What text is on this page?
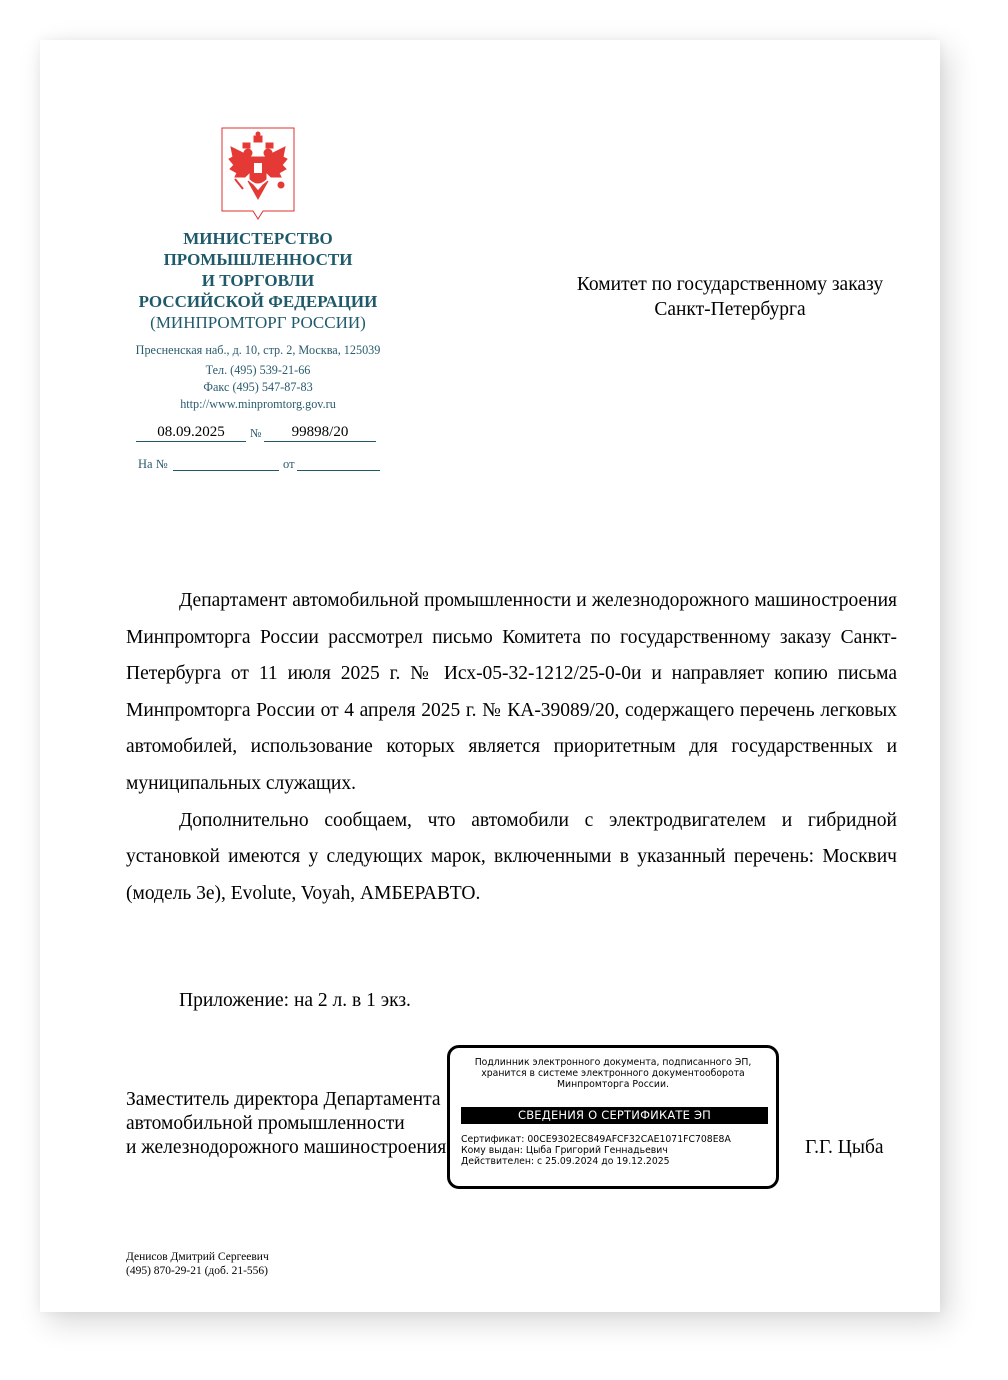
МИНИСТЕРСТВО
ПРОМЫШЛЕННОСТИ
И ТОРГОВЛИ
РОССИЙСКОЙ ФЕДЕРАЦИИ
(МИНПРОМТОРГ РОССИИ)
Пресненская наб., д. 10, стр. 2, Москва, 125039
Тел. (495) 539-21-66
Факс (495) 547-87-83
http://www.minpromtorg.gov.ru
08.09.2025	№	99898/20
На №	от
Комитет по государственному заказу
Санкт-Петербурга

Департамент автомобильной промышленности и железнодорожного машиностроения Минпромторга России рассмотрел письмо Комитета по государственному заказу Санкт-Петербурга от 11 июля 2025 г. № Исх-05-32-1212/25-0-0и и направляет копию письма Минпромторга России от 4 апреля 2025 г. № КА-39089/20, содержащего перечень легковых автомобилей, использование которых является приоритетным для государственных и муниципальных служащих.

Дополнительно сообщаем, что автомобили с электродвигателем и гибридной установкой имеются у следующих марок, включенными в указанный перечень: Москвич (модель 3е), Evolute, Voyah, АМБЕРАВТО.

Приложение: на 2 л. в 1 экз.
Заместитель директора Департамента
автомобильной промышленности
и железнодорожного машиностроения
Подлинник электронного документа, подписанного ЭП,
хранится в системе электронного документооборота
Минпромторга России.
СВЕДЕНИЯ О СЕРТИФИКАТЕ ЭП
Сертификат: 00CE9302EC849AFCF32CAE1071FC708E8A
Кому выдан: Цыба Григорий Геннадьевич
Действителен: с 25.09.2024 до 19.12.2025
Г.Г. Цыба
Денисов Дмитрий Сергеевич
(495) 870-29-21 (доб. 21-556)
